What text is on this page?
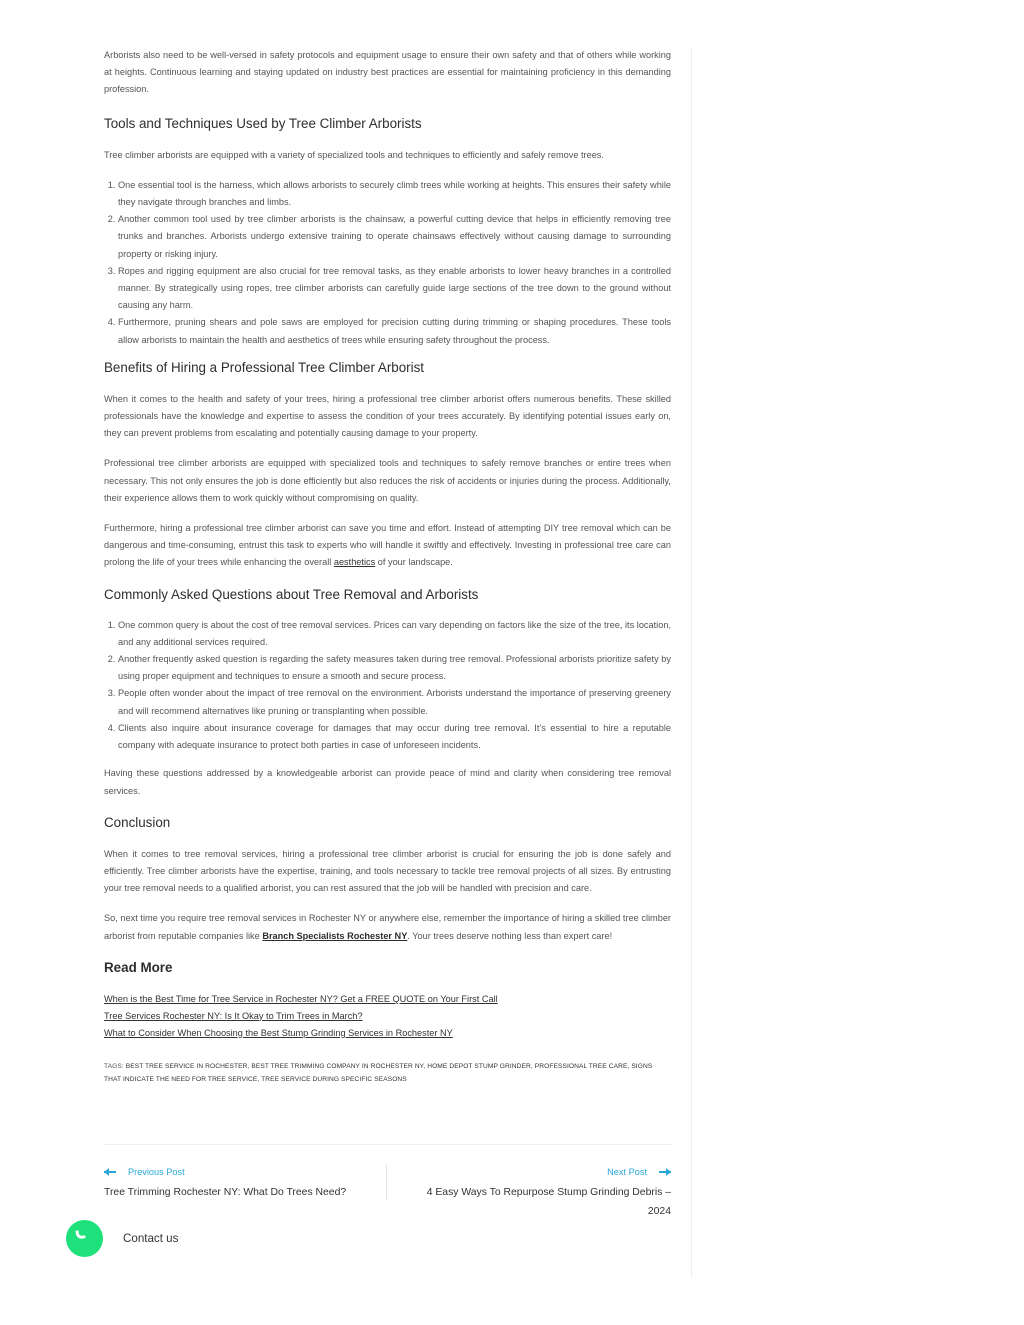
Arborists also need to be well-versed in safety protocols and equipment usage to ensure their own safety and that of others while working at heights. Continuous learning and staying updated on industry best practices are essential for maintaining proficiency in this demanding profession.

Tools and Techniques Used by Tree Climber Arborists

Tree climber arborists are equipped with a variety of specialized tools and techniques to efficiently and safely remove trees.

1. One essential tool is the harness, which allows arborists to securely climb trees while working at heights. This ensures their safety while they navigate through branches and limbs.
2. Another common tool used by tree climber arborists is the chainsaw, a powerful cutting device that helps in efficiently removing tree trunks and branches. Arborists undergo extensive training to operate chainsaws effectively without causing damage to surrounding property or risking injury.
3. Ropes and rigging equipment are also crucial for tree removal tasks, as they enable arborists to lower heavy branches in a controlled manner. By strategically using ropes, tree climber arborists can carefully guide large sections of the tree down to the ground without causing any harm.
4. Furthermore, pruning shears and pole saws are employed for precision cutting during trimming or shaping procedures. These tools allow arborists to maintain the health and aesthetics of trees while ensuring safety throughout the process.
Benefits of Hiring a Professional Tree Climber Arborist

When it comes to the health and safety of your trees, hiring a professional tree climber arborist offers numerous benefits. These skilled professionals have the knowledge and expertise to assess the condition of your trees accurately. By identifying potential issues early on, they can prevent problems from escalating and potentially causing damage to your property.

Professional tree climber arborists are equipped with specialized tools and techniques to safely remove branches or entire trees when necessary. This not only ensures the job is done efficiently but also reduces the risk of accidents or injuries during the process. Additionally, their experience allows them to work quickly without compromising on quality.

Furthermore, hiring a professional tree climber arborist can save you time and effort. Instead of attempting DIY tree removal which can be dangerous and time-consuming, entrust this task to experts who will handle it swiftly and effectively. Investing in professional tree care can prolong the life of your trees while enhancing the overall aesthetics of your landscape.

Commonly Asked Questions about Tree Removal and Arborists
1. One common query is about the cost of tree removal services. Prices can vary depending on factors like the size of the tree, its location, and any additional services required.
2. Another frequently asked question is regarding the safety measures taken during tree removal. Professional arborists prioritize safety by using proper equipment and techniques to ensure a smooth and secure process.
3. People often wonder about the impact of tree removal on the environment. Arborists understand the importance of preserving greenery and will recommend alternatives like pruning or transplanting when possible.
4. Clients also inquire about insurance coverage for damages that may occur during tree removal. It’s essential to hire a reputable company with adequate insurance to protect both parties in case of unforeseen incidents.

Having these questions addressed by a knowledgeable arborist can provide peace of mind and clarity when considering tree removal services.

Conclusion

When it comes to tree removal services, hiring a professional tree climber arborist is crucial for ensuring the job is done safely and efficiently. Tree climber arborists have the expertise, training, and tools necessary to tackle tree removal projects of all sizes. By entrusting your tree removal needs to a qualified arborist, you can rest assured that the job will be handled with precision and care.

So, next time you require tree removal services in Rochester NY or anywhere else, remember the importance of hiring a skilled tree climber arborist from reputable companies like Branch Specialists Rochester NY. Your trees deserve nothing less than expert care!

Read More
When is the Best Time for Tree Service in Rochester NY? Get a FREE QUOTE on Your First Call
Tree Services Rochester NY: Is It Okay to Trim Trees in March?
What to Consider When Choosing the Best Stump Grinding Services in Rochester NY
TAGS: BEST TREE SERVICE IN ROCHESTER, BEST TREE TRIMMING COMPANY IN ROCHESTER NY, HOME DEPOT STUMP GRINDER, PROFESSIONAL TREE CARE, SIGNS THAT INDICATE THE NEED FOR TREE SERVICE, TREE SERVICE DURING SPECIFIC SEASONS
Previous Post
Tree Trimming Rochester NY: What Do Trees Need?
Next Post
4 Easy Ways To Repurpose Stump Grinding Debris – 2024
Contact us
